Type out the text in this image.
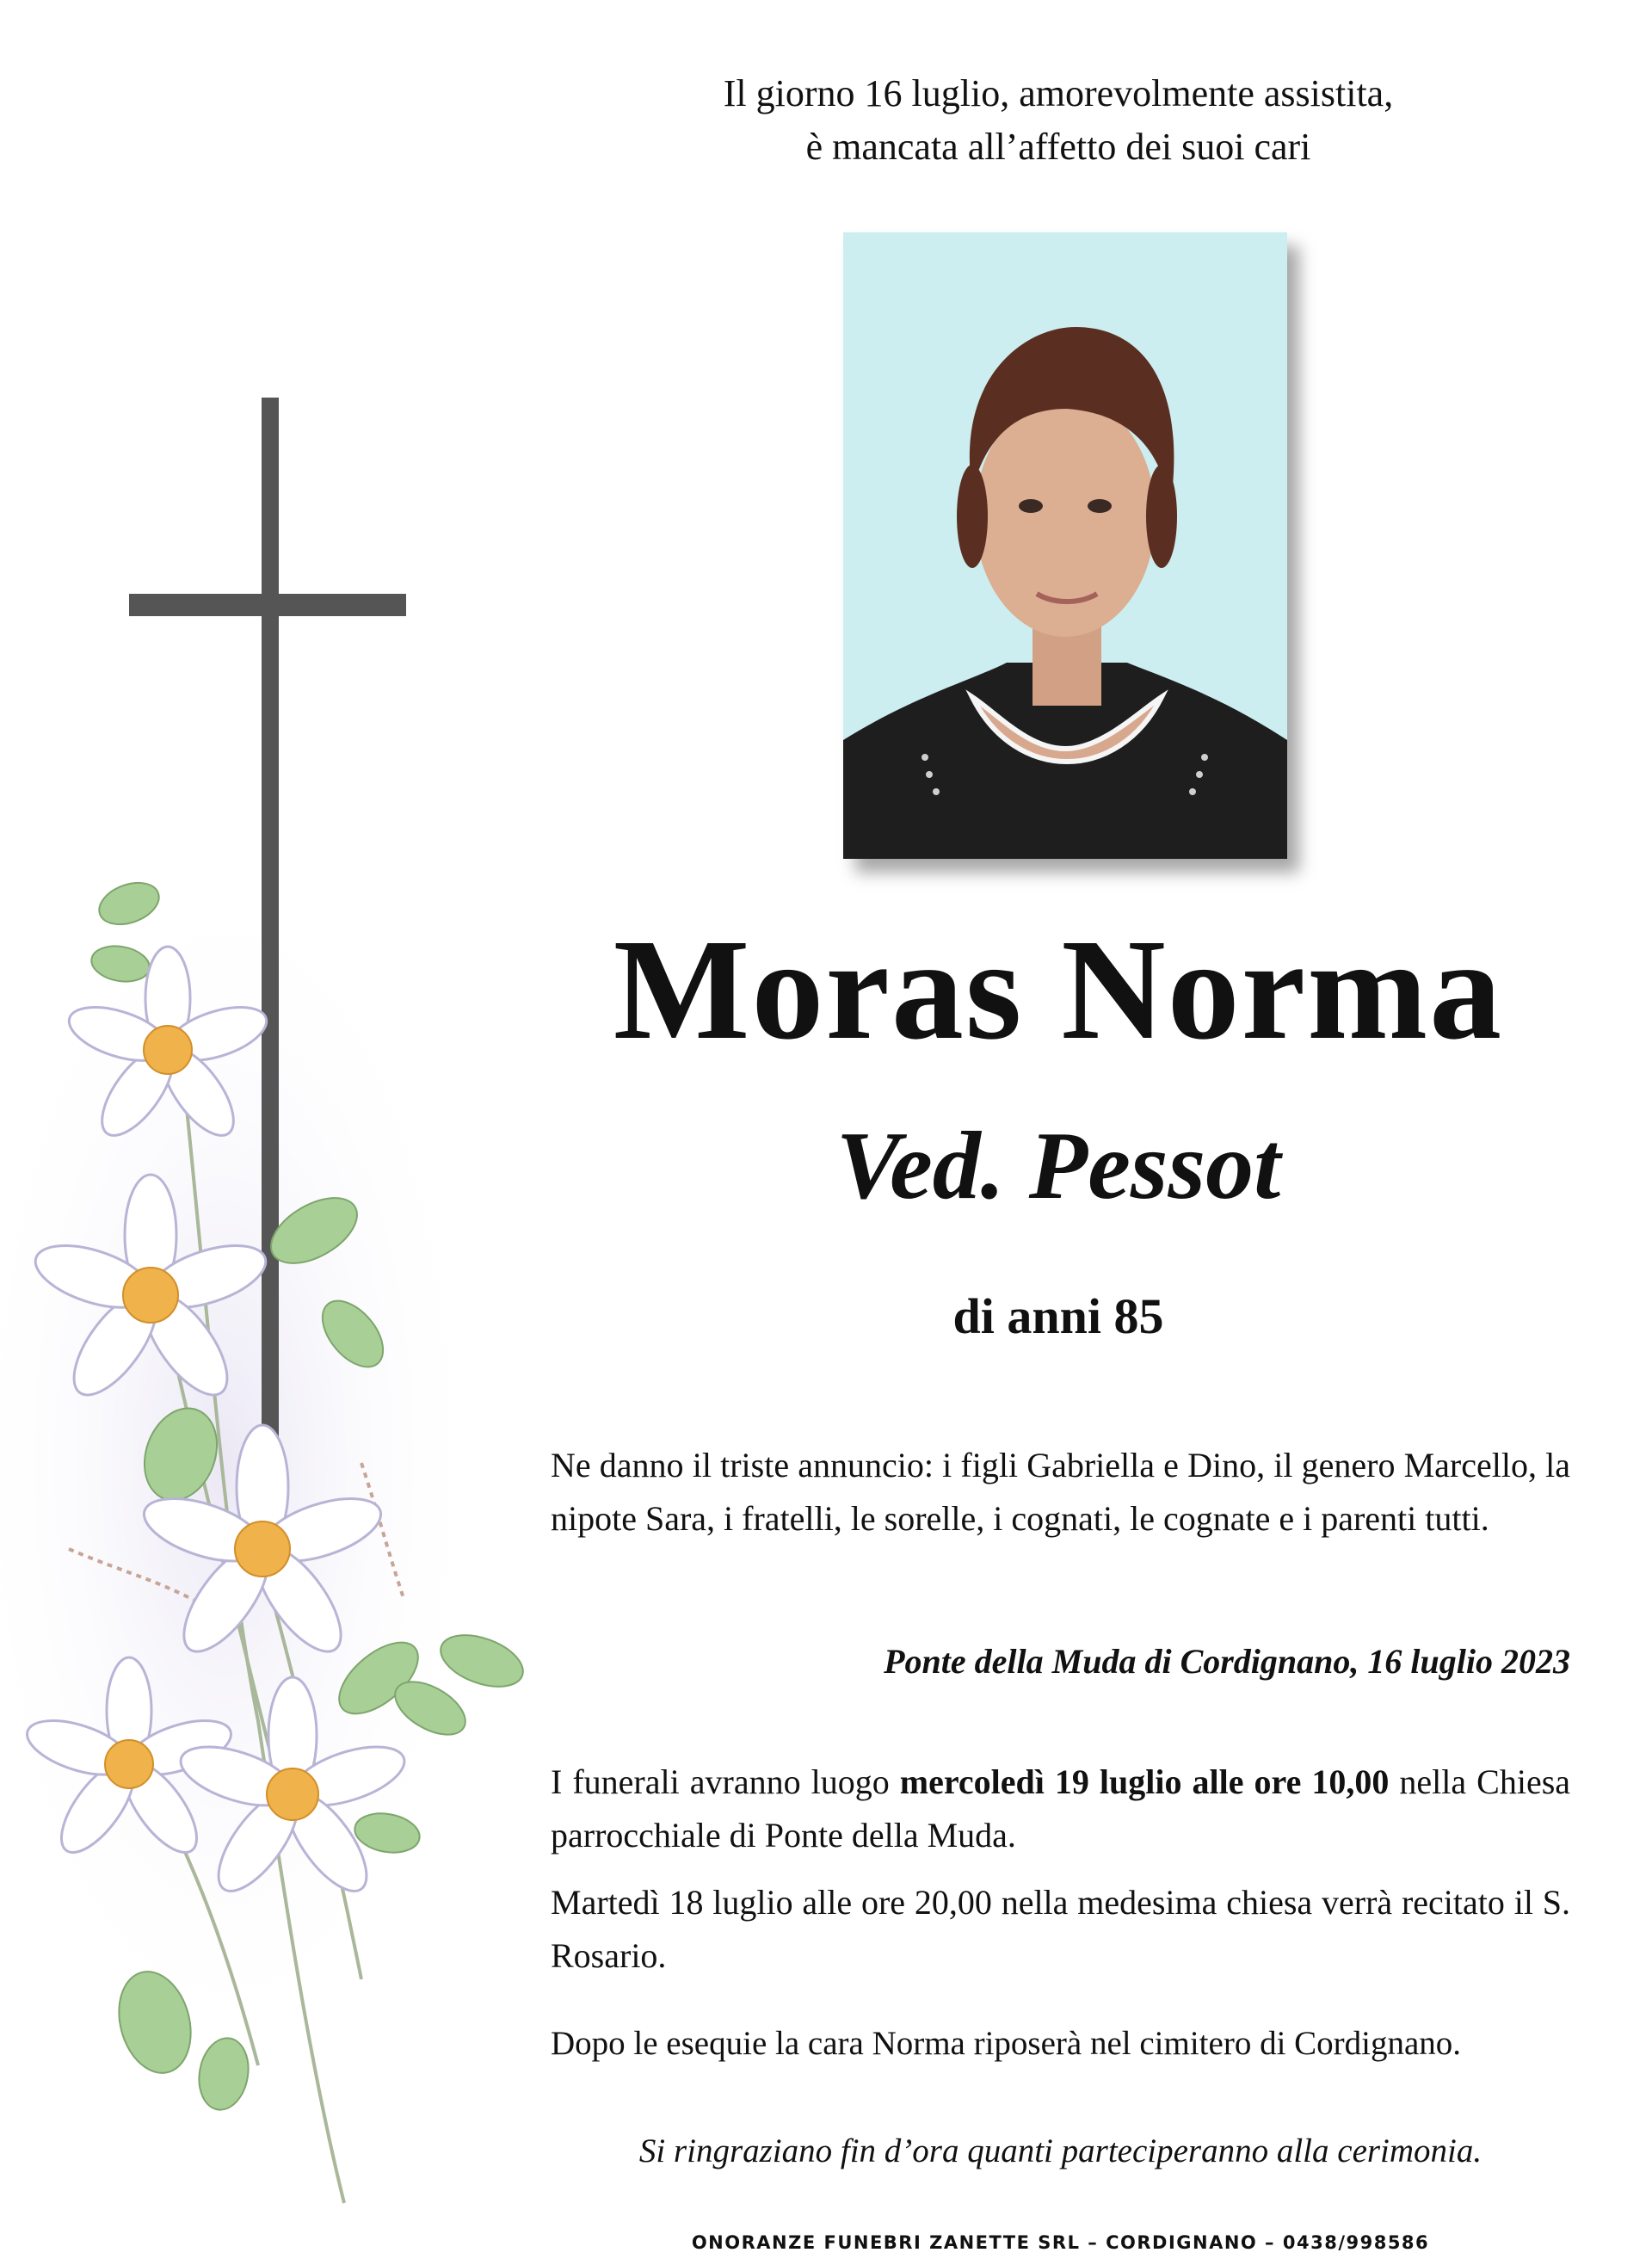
Il giorno 16 luglio, amorevolmente assistita,
è mancata all’affetto dei suoi cari
Moras Norma
Ved. Pessot
di anni 85
Ne danno il triste annuncio: i figli Gabriella e Dino, il genero Marcello, la nipote Sara, i fratelli, le sorelle, i cognati, le cognate e i parenti tutti.
Ponte della Muda di Cordignano, 16 luglio 2023
I funerali avranno luogo mercoledì 19 luglio alle ore 10,00 nella Chiesa parrocchiale di Ponte della Muda.
Martedì 18 luglio alle ore 20,00 nella medesima chiesa verrà recitato il S. Rosario.
Dopo le esequie la cara Norma riposerà nel cimitero di Cordignano.
Si ringraziano fin d’ora quanti parteciperanno alla cerimonia.
ONORANZE FUNEBRI ZANETTE SRL – CORDIGNANO – 0438/998586
